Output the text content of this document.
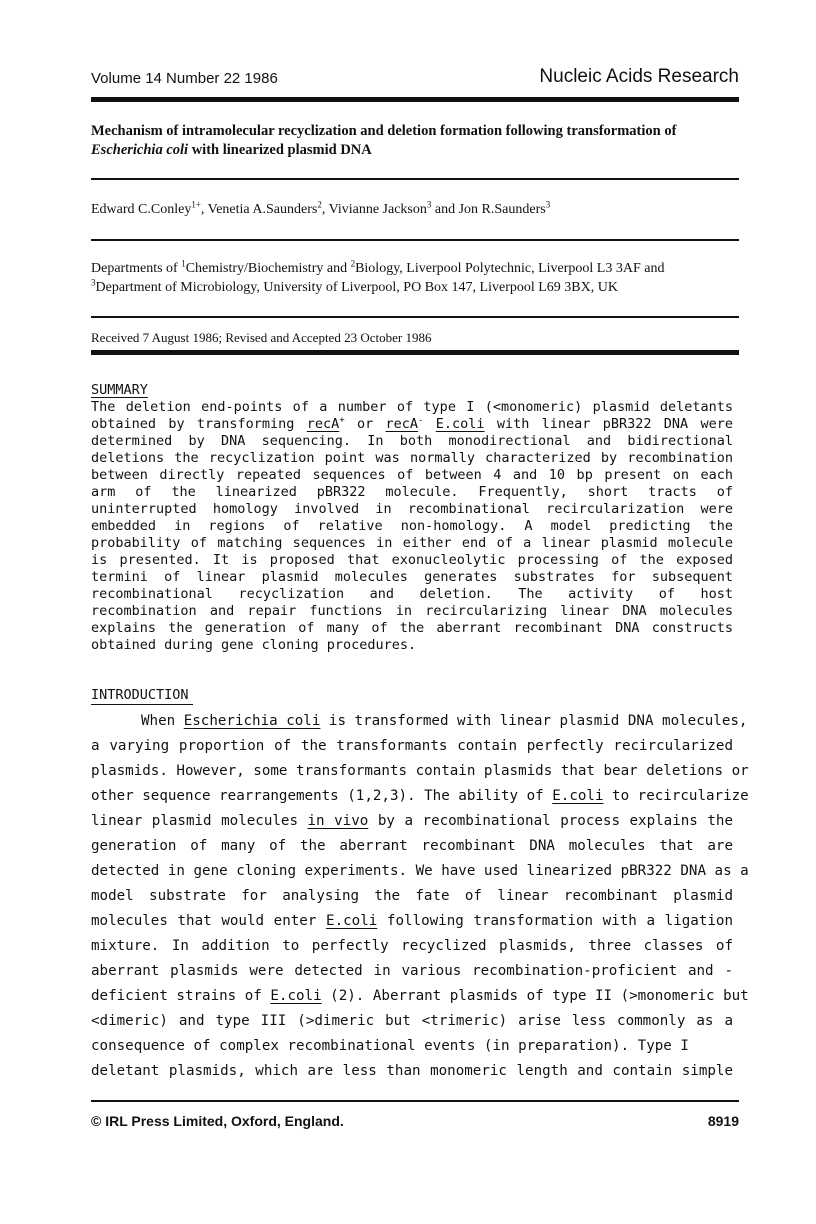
Volume 14 Number 22 1986	Nucleic Acids Research
Mechanism of intramolecular recyclization and deletion formation following transformation of
Escherichia coli with linearized plasmid DNA
Edward C.Conley$^{1+}$, Venetia A.Saunders$^2$, Vivianne Jackson$^3$ and Jon R.Saunders$^3$
Departments of $^1$Chemistry/Biochemistry and $^2$Biology, Liverpool Polytechnic, Liverpool L3 3AF and
$^3$Department of Microbiology, University of Liverpool, PO Box 147, Liverpool L69 3BX, UK
Received 7 August 1986; Revised and Accepted 23 October 1986
SUMMARY
The deletion end-points of a number of type I (<monomeric) plasmid deletants
obtained by transforming recA+ or recA- E.coli with linear pBR322 DNA were
determined by DNA sequencing. In both monodirectional and bidirectional
deletions the recyclization point was normally characterized by recombination
between directly repeated sequences of between 4 and 10 bp present on each
arm of the linearized pBR322 molecule. Frequently, short tracts of
uninterrupted homology involved in recombinational recircularization were
embedded in regions of relative non-homology. A model predicting the
probability of matching sequences in either end of a linear plasmid molecule
is presented. It is proposed that exonucleolytic processing of the exposed
termini of linear plasmid molecules generates substrates for subsequent
recombinational recyclization and deletion. The activity of host
recombination and repair functions in recircularizing linear DNA molecules
explains the generation of many of the aberrant recombinant DNA constructs
obtained during gene cloning procedures.
INTRODUCTION
When Escherichia coli is transformed with linear plasmid DNA molecules,
a varying proportion of the transformants contain perfectly recircularized
plasmids. However, some transformants contain plasmids that bear deletions or
other sequence rearrangements (1,2,3). The ability of E.coli to recircularize
linear plasmid molecules in vivo by a recombinational process explains the
generation of many of the aberrant recombinant DNA molecules that are
detected in gene cloning experiments. We have used linearized pBR322 DNA as a
model substrate for analysing the fate of linear recombinant plasmid
molecules that would enter E.coli following transformation with a ligation
mixture. In addition to perfectly recyclized plasmids, three classes of
aberrant plasmids were detected in various recombination-proficient and -
deficient strains of E.coli (2). Aberrant plasmids of type II (>monomeric but
<dimeric) and type III (>dimeric but <trimeric) arise less commonly as a
consequence of complex recombinational events (in preparation). Type I
deletant plasmids, which are less than monomeric length and contain simple
© IRL Press Limited, Oxford, England.	8919
